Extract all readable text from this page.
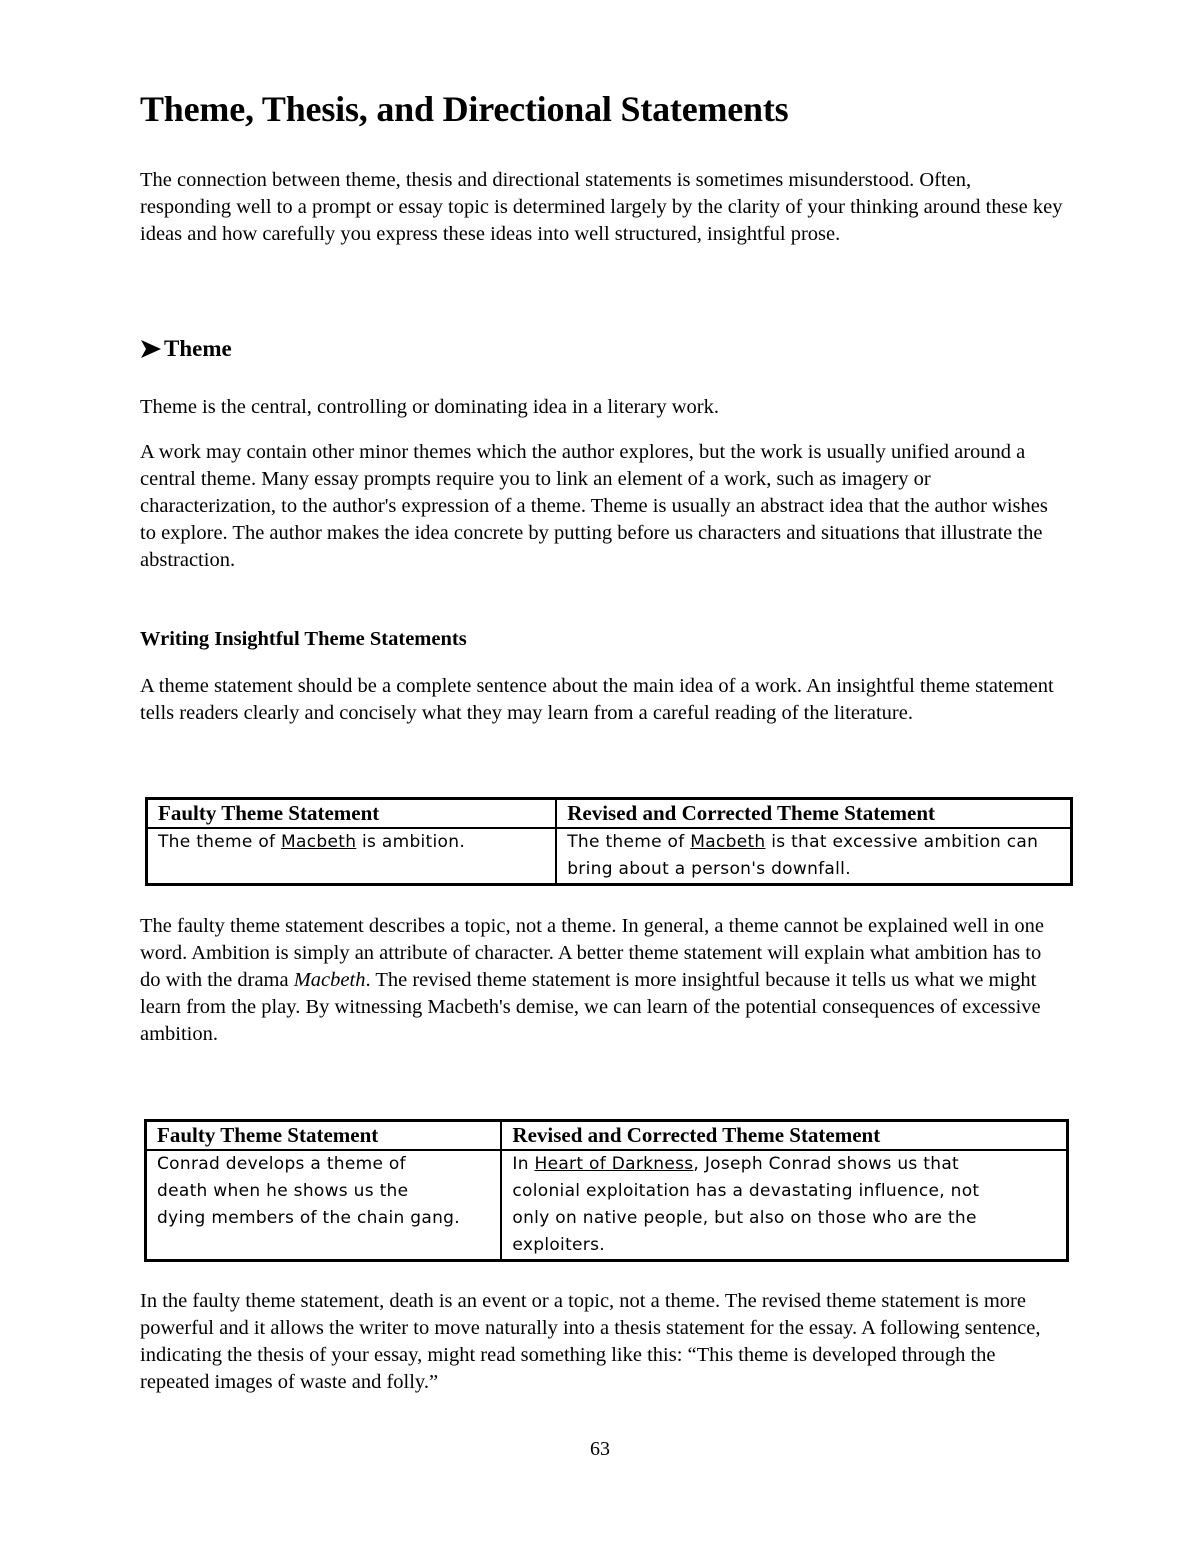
Theme, Thesis, and Directional Statements

The connection between theme, thesis and directional statements is sometimes misunderstood. Often, responding well to a prompt or essay topic is determined largely by the clarity of your thinking around these key ideas and how carefully you express these ideas into well structured, insightful prose.

Theme

Theme is the central, controlling or dominating idea in a literary work.

A work may contain other minor themes which the author explores, but the work is usually unified around a central theme. Many essay prompts require you to link an element of a work, such as imagery or characterization, to the author's expression of a theme. Theme is usually an abstract idea that the author wishes to explore. The author makes the idea concrete by putting before us characters and situations that illustrate the abstraction.

Writing Insightful Theme Statements

A theme statement should be a complete sentence about the main idea of a work. An insightful theme statement tells readers clearly and concisely what they may learn from a careful reading of the literature.

Faulty Theme Statement	Revised and Corrected Theme Statement
The theme of Macbeth is ambition.	The theme of Macbeth is that excessive ambition can bring about a person's downfall.

The faulty theme statement describes a topic, not a theme. In general, a theme cannot be explained well in one word. Ambition is simply an attribute of character. A better theme statement will explain what ambition has to do with the drama Macbeth. The revised theme statement is more insightful because it tells us what we might learn from the play. By witnessing Macbeth's demise, we can learn of the potential consequences of excessive ambition.

Faulty Theme Statement	Revised and Corrected Theme Statement
Conrad develops a theme of death when he shows us the dying members of the chain gang.	In Heart of Darkness, Joseph Conrad shows us that colonial exploitation has a devastating influence, not only on native people, but also on those who are the exploiters.

In the faulty theme statement, death is an event or a topic, not a theme. The revised theme statement is more powerful and it allows the writer to move naturally into a thesis statement for the essay. A following sentence, indicating the thesis of your essay, might read something like this: “This theme is developed through the repeated images of waste and folly.”

63
